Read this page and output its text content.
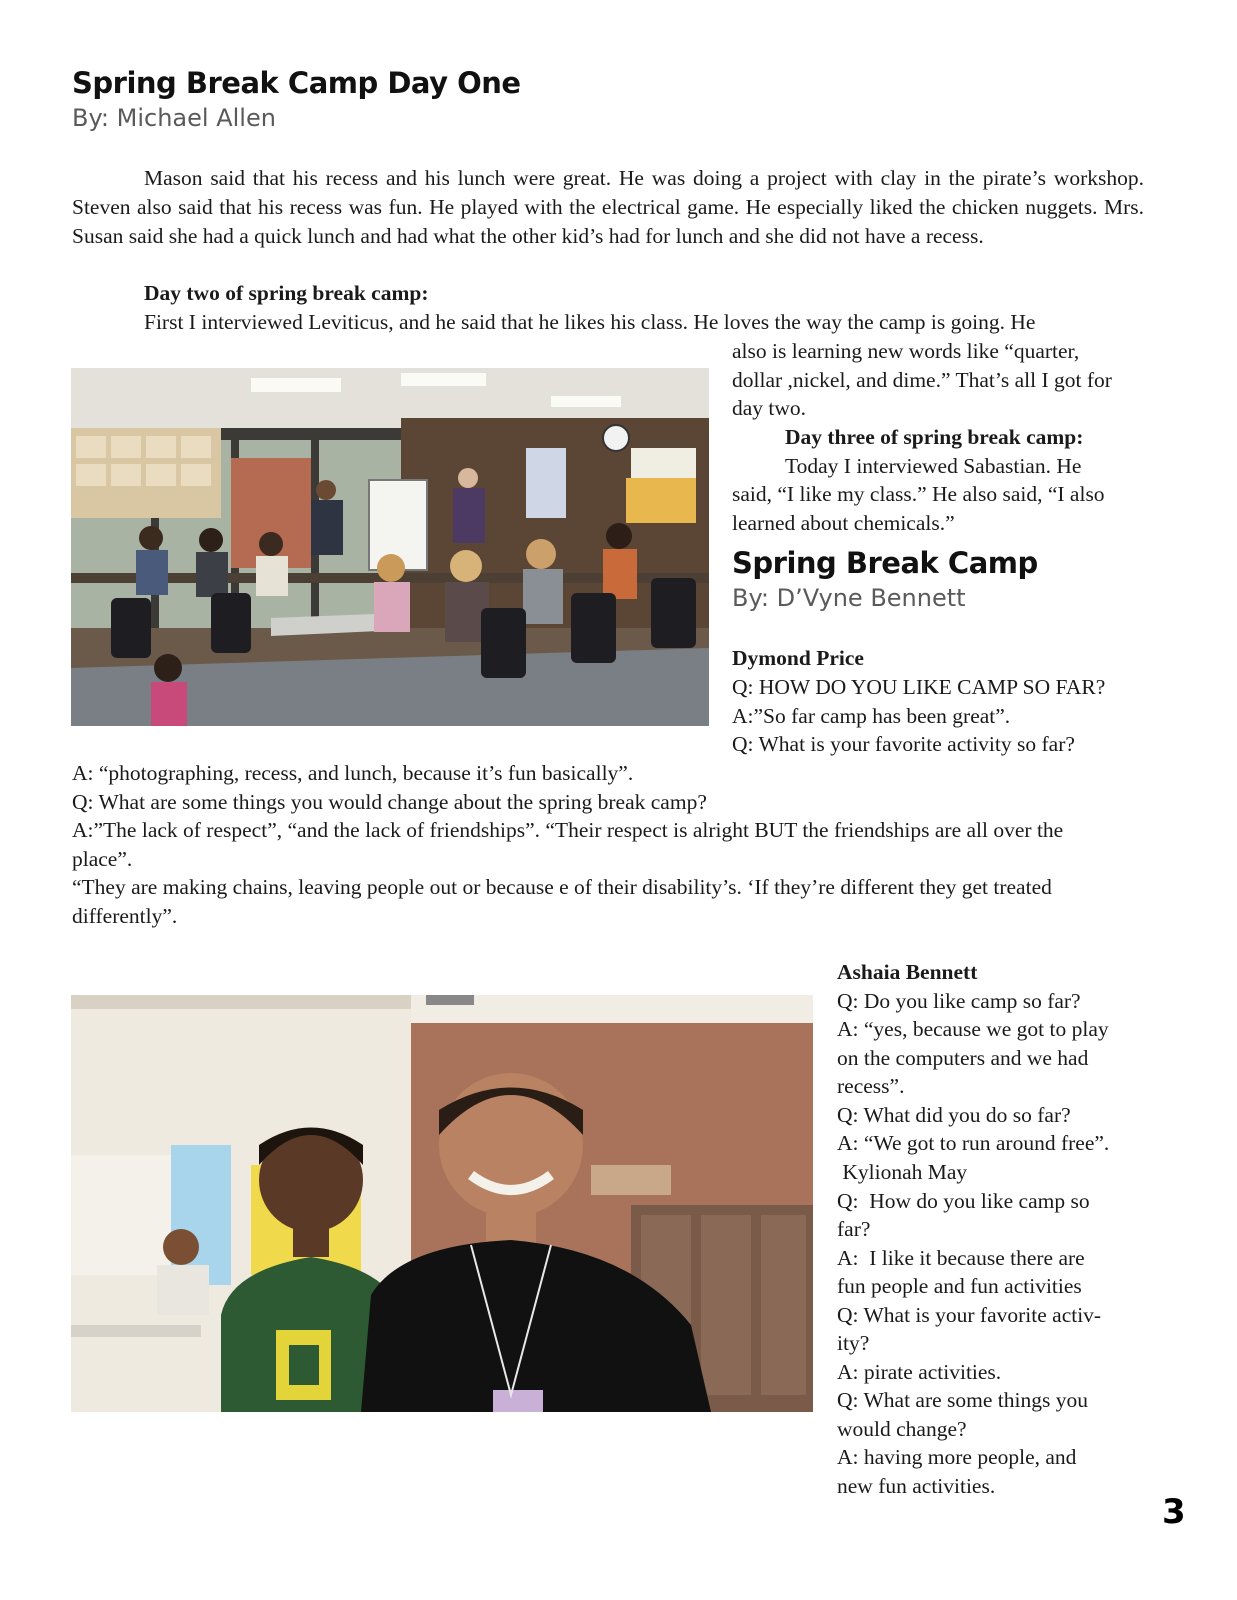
Spring Break Camp Day One
By: Michael Allen

Mason said that his recess and his lunch were great. He was doing a project with clay in the pirate’s workshop. Steven also said that his recess was fun. He played with the electrical game. He especially liked the chicken nuggets. Mrs. Susan said she had a quick lunch and had what the other kid’s had for lunch and she did not have a recess.

Day two of spring break camp:
First I interviewed Leviticus, and he said that he likes his class. He loves the way the camp is going. He
also is learning new words like “quarter,
dollar ,nickel, and dime.” That’s all I got for
day two.
Day three of spring break camp:
Today I interviewed Sabastian. He
said, “I like my class.” He also said, “I also
learned about chemicals.”
Spring Break Camp
By: D’Vyne Bennett
Dymond Price
Q: HOW DO YOU LIKE CAMP SO FAR?
A:”So far camp has been great”.
Q: What is your favorite activity so far?
A: “photographing, recess, and lunch, because it’s fun basically”.
Q: What are some things you would change about the spring break camp?
A:”The lack of respect”, “and the lack of friendships”. “Their respect is alright BUT the friendships are all over the
place”.
“They are making chains, leaving people out or because e of their disability’s. ‘If they’re different they get treated
differently”.
Ashaia Bennett
Q: Do you like camp so far?
A: “yes, because we got to play
on the computers and we had
recess”.
Q: What did you do so far?
A: “We got to run around free”.
Kylionah May
Q:  How do you like camp so
far?
A:  I like it because there are
fun people and fun activities
Q: What is your favorite activ-
ity?
A: pirate activities.
Q: What are some things you
would change?
A: having more people, and
new fun activities.
3
